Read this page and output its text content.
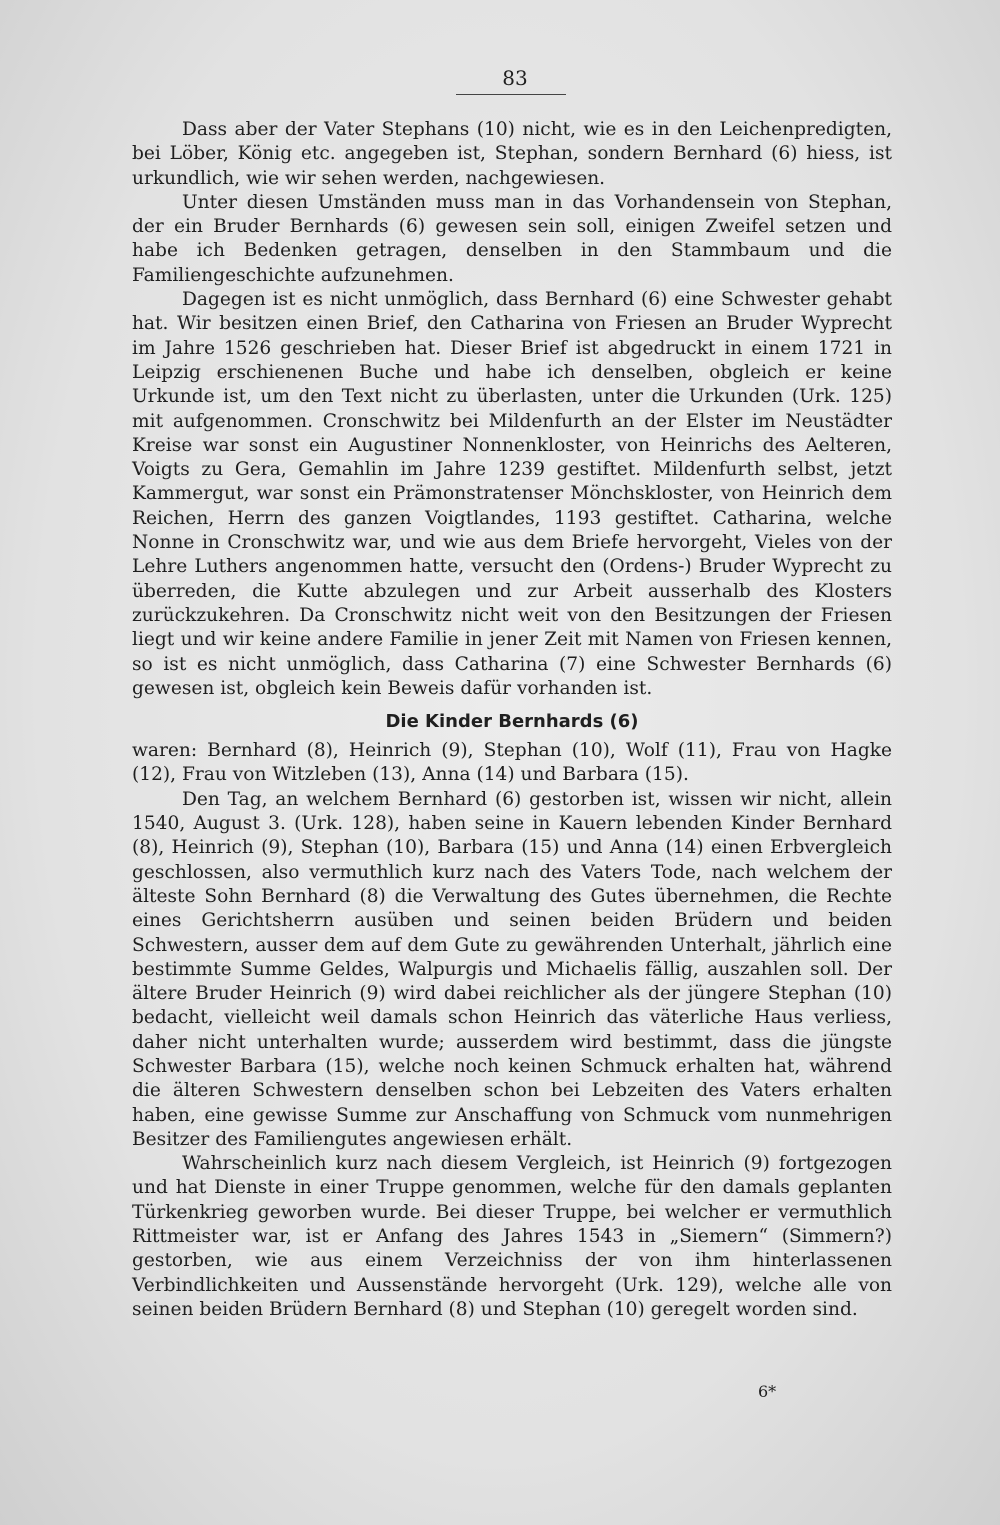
83

Dass aber der Vater Stephans (10) nicht, wie es in den Leichenpredigten, bei Löber, König etc. angegeben ist, Stephan, sondern Bernhard (6) hiess, ist urkundlich, wie wir sehen werden, nachgewiesen.

Unter diesen Umständen muss man in das Vorhandensein von Stephan, der ein Bruder Bernhards (6) gewesen sein soll, einigen Zweifel setzen und habe ich Bedenken getragen, denselben in den Stammbaum und die Familiengeschichte aufzunehmen.

Dagegen ist es nicht unmöglich, dass Bernhard (6) eine Schwester gehabt hat. Wir besitzen einen Brief, den Catharina von Friesen an Bruder Wyprecht im Jahre 1526 geschrieben hat. Dieser Brief ist abgedruckt in einem 1721 in Leipzig erschienenen Buche und habe ich denselben, obgleich er keine Urkunde ist, um den Text nicht zu überlasten, unter die Urkunden (Urk. 125) mit aufgenommen. Cronschwitz bei Mildenfurth an der Elster im Neustädter Kreise war sonst ein Augustiner Nonnenkloster, von Heinrichs des Aelteren, Voigts zu Gera, Gemahlin im Jahre 1239 gestiftet. Mildenfurth selbst, jetzt Kammergut, war sonst ein Prämonstratenser Mönchskloster, von Heinrich dem Reichen, Herrn des ganzen Voigtlandes, 1193 gestiftet. Catharina, welche Nonne in Cronschwitz war, und wie aus dem Briefe hervorgeht, Vieles von der Lehre Luthers angenommen hatte, versucht den (Ordens-) Bruder Wyprecht zu überreden, die Kutte abzulegen und zur Arbeit ausserhalb des Klosters zurückzukehren. Da Cronschwitz nicht weit von den Besitzungen der Friesen liegt und wir keine andere Familie in jener Zeit mit Namen von Friesen kennen, so ist es nicht unmöglich, dass Catharina (7) eine Schwester Bernhards (6) gewesen ist, obgleich kein Beweis dafür vorhanden ist.

Die Kinder Bernhards (6)

waren: Bernhard (8), Heinrich (9), Stephan (10), Wolf (11), Frau von Hagke (12), Frau von Witzleben (13), Anna (14) und Barbara (15).

Den Tag, an welchem Bernhard (6) gestorben ist, wissen wir nicht, allein 1540, August 3. (Urk. 128), haben seine in Kauern lebenden Kinder Bernhard (8), Heinrich (9), Stephan (10), Barbara (15) und Anna (14) einen Erbvergleich geschlossen, also vermuthlich kurz nach des Vaters Tode, nach welchem der älteste Sohn Bernhard (8) die Verwaltung des Gutes übernehmen, die Rechte eines Gerichtsherrn ausüben und seinen beiden Brüdern und beiden Schwestern, ausser dem auf dem Gute zu gewährenden Unterhalt, jährlich eine bestimmte Summe Geldes, Walpurgis und Michaelis fällig, auszahlen soll. Der ältere Bruder Heinrich (9) wird dabei reichlicher als der jüngere Stephan (10) bedacht, vielleicht weil damals schon Heinrich das väterliche Haus verliess, daher nicht unterhalten wurde; ausserdem wird bestimmt, dass die jüngste Schwester Barbara (15), welche noch keinen Schmuck erhalten hat, während die älteren Schwestern denselben schon bei Lebzeiten des Vaters erhalten haben, eine gewisse Summe zur Anschaffung von Schmuck vom nunmehrigen Besitzer des Familiengutes angewiesen erhält.

Wahrscheinlich kurz nach diesem Vergleich, ist Heinrich (9) fortgezogen und hat Dienste in einer Truppe genommen, welche für den damals geplanten Türkenkrieg geworben wurde. Bei dieser Truppe, bei welcher er vermuthlich Rittmeister war, ist er Anfang des Jahres 1543 in „Siemern“ (Simmern?) gestorben, wie aus einem Verzeichniss der von ihm hinterlassenen Verbindlichkeiten und Aussenstände hervorgeht (Urk. 129), welche alle von seinen beiden Brüdern Bernhard (8) und Stephan (10) geregelt worden sind.

6*
